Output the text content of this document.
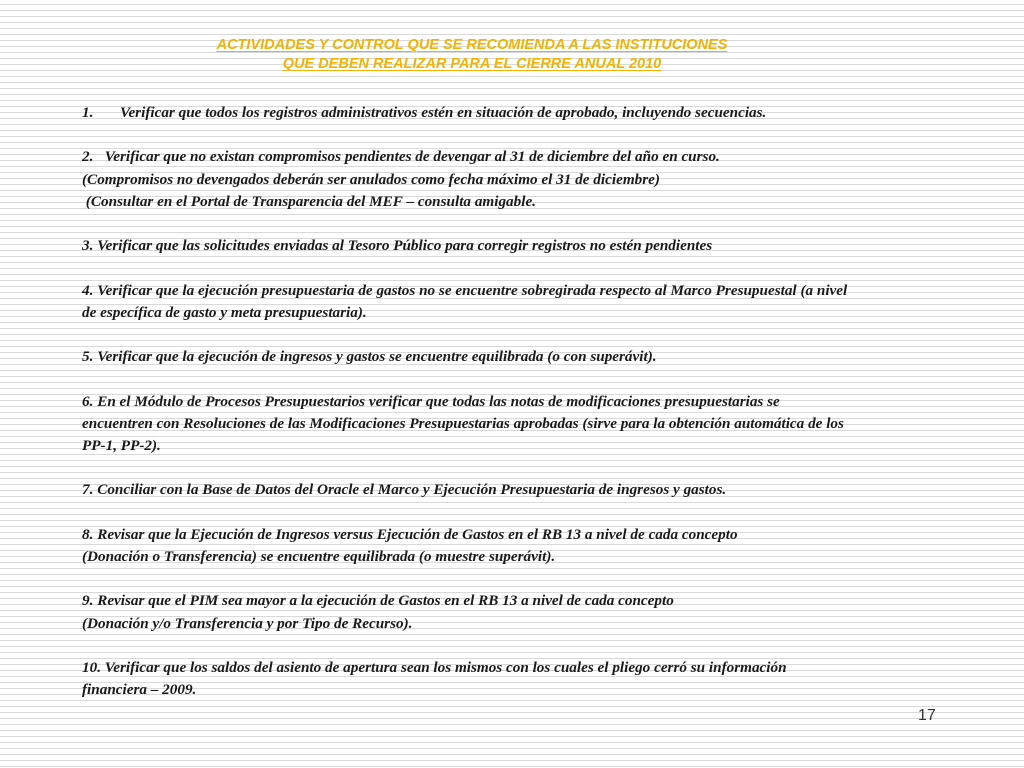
ACTIVIDADES Y CONTROL QUE SE RECOMIENDA A LAS INSTITUCIONES
QUE DEBEN REALIZAR PARA EL CIERRE ANUAL 2010
1.	Verificar que todos los registros administrativos estén en situación de aprobado, incluyendo secuencias.

2.   Verificar que no existan compromisos pendientes de devengar al 31 de diciembre del año en curso.

(Compromisos no devengados deberán ser anulados como fecha máximo el 31 de diciembre)

(Consultar en el Portal de Transparencia del MEF – consulta amigable.

3. Verificar que las solicitudes enviadas al Tesoro Público para corregir registros no estén pendientes

4. Verificar que la ejecución presupuestaria de gastos no se encuentre sobregirada respecto al Marco Presupuestal (a nivel de específica de gasto y meta presupuestaria).

5. Verificar que la ejecución de ingresos y gastos se encuentre equilibrada (o con superávit).

6. En el Módulo de Procesos Presupuestarios verificar que todas las notas de modificaciones presupuestarias se encuentren con Resoluciones de las Modificaciones Presupuestarias aprobadas (sirve para la obtención automática de los PP-1, PP-2).

7. Conciliar con la Base de Datos del Oracle el Marco y Ejecución Presupuestaria de ingresos y gastos.

8. Revisar que la Ejecución de Ingresos versus Ejecución de Gastos en el RB 13 a nivel de cada concepto

(Donación o Transferencia) se encuentre equilibrada (o muestre superávit).

9. Revisar que el PIM sea mayor a la ejecución de Gastos en el RB 13 a nivel de cada concepto

(Donación y/o Transferencia y por Tipo de Recurso).

10. Verificar que los saldos del asiento de apertura sean los mismos con los cuales el pliego cerró su información financiera – 2009.

17
